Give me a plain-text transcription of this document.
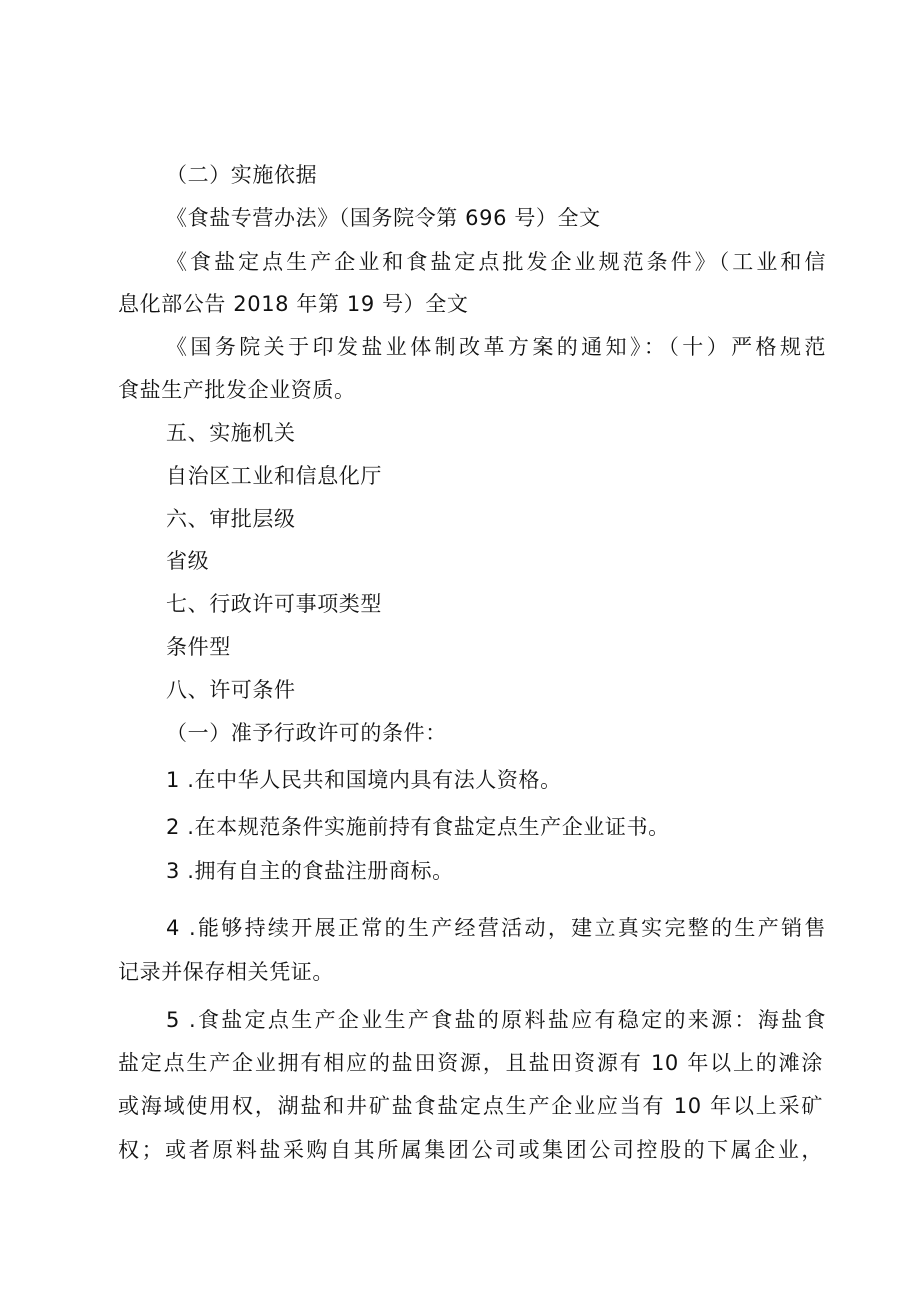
（二）实施依据
《食盐专营办法》（国务院令第 696 号）全文
《食盐定点生产企业和食盐定点批发企业规范条件》（工业和信
息化部公告 2018 年第 19 号）全文
《国务院关于印发盐业体制改革方案的通知》：（十）严格规范
食盐生产批发企业资质。
五、实施机关
自治区工业和信息化厅
六、审批层级
省级
七、行政许可事项类型
条件型
八、许可条件
（一）准予行政许可的条件：
1 .在中华人民共和国境内具有法人资格。
2 .在本规范条件实施前持有食盐定点生产企业证书。
3 .拥有自主的食盐注册商标。
4 .能够持续开展正常的生产经营活动，建立真实完整的生产销售
记录并保存相关凭证。
5 .食盐定点生产企业生产食盐的原料盐应有稳定的来源：海盐食
盐定点生产企业拥有相应的盐田资源，且盐田资源有 10 年以上的滩涂
或海域使用权，湖盐和井矿盐食盐定点生产企业应当有 10 年以上采矿
权；或者原料盐采购自其所属集团公司或集团公司控股的下属企业，
